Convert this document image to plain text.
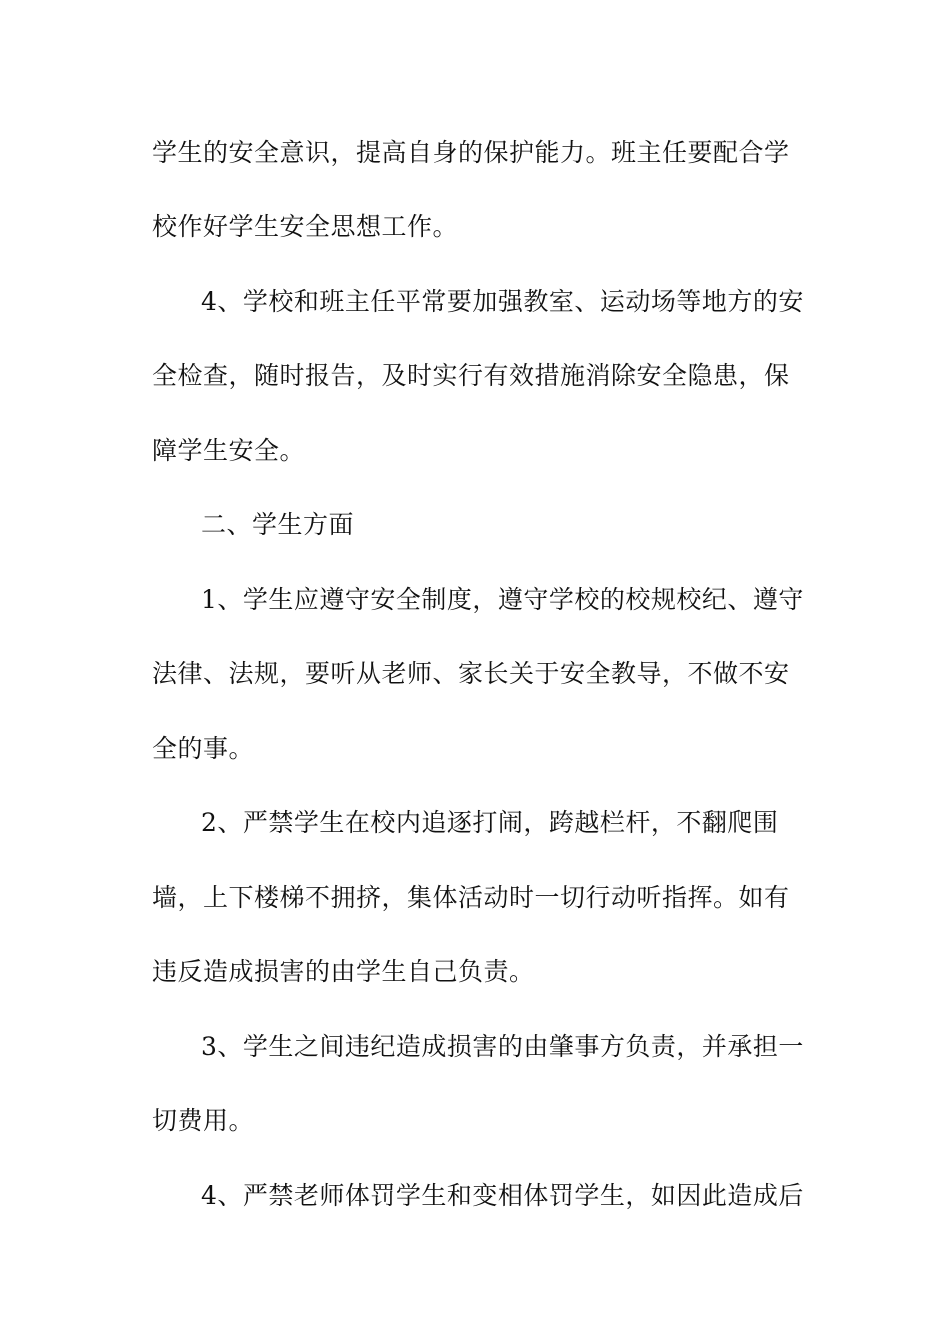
学生的安全意识，提高自身的保护能力。班主任要配合学
校作好学生安全思想工作。
4、学校和班主任平常要加强教室、运动场等地方的安
全检查，随时报告，及时实行有效措施消除安全隐患，保
障学生安全。
二、学生方面
1、学生应遵守安全制度，遵守学校的校规校纪、遵守
法律、法规，要听从老师、家长关于安全教导，不做不安
全的事。
2、严禁学生在校内追逐打闹，跨越栏杆，不翻爬围
墙，上下楼梯不拥挤，集体活动时一切行动听指挥。如有
违反造成损害的由学生自己负责。
3、学生之间违纪造成损害的由肇事方负责，并承担一
切费用。
4、严禁老师体罚学生和变相体罚学生，如因此造成后
